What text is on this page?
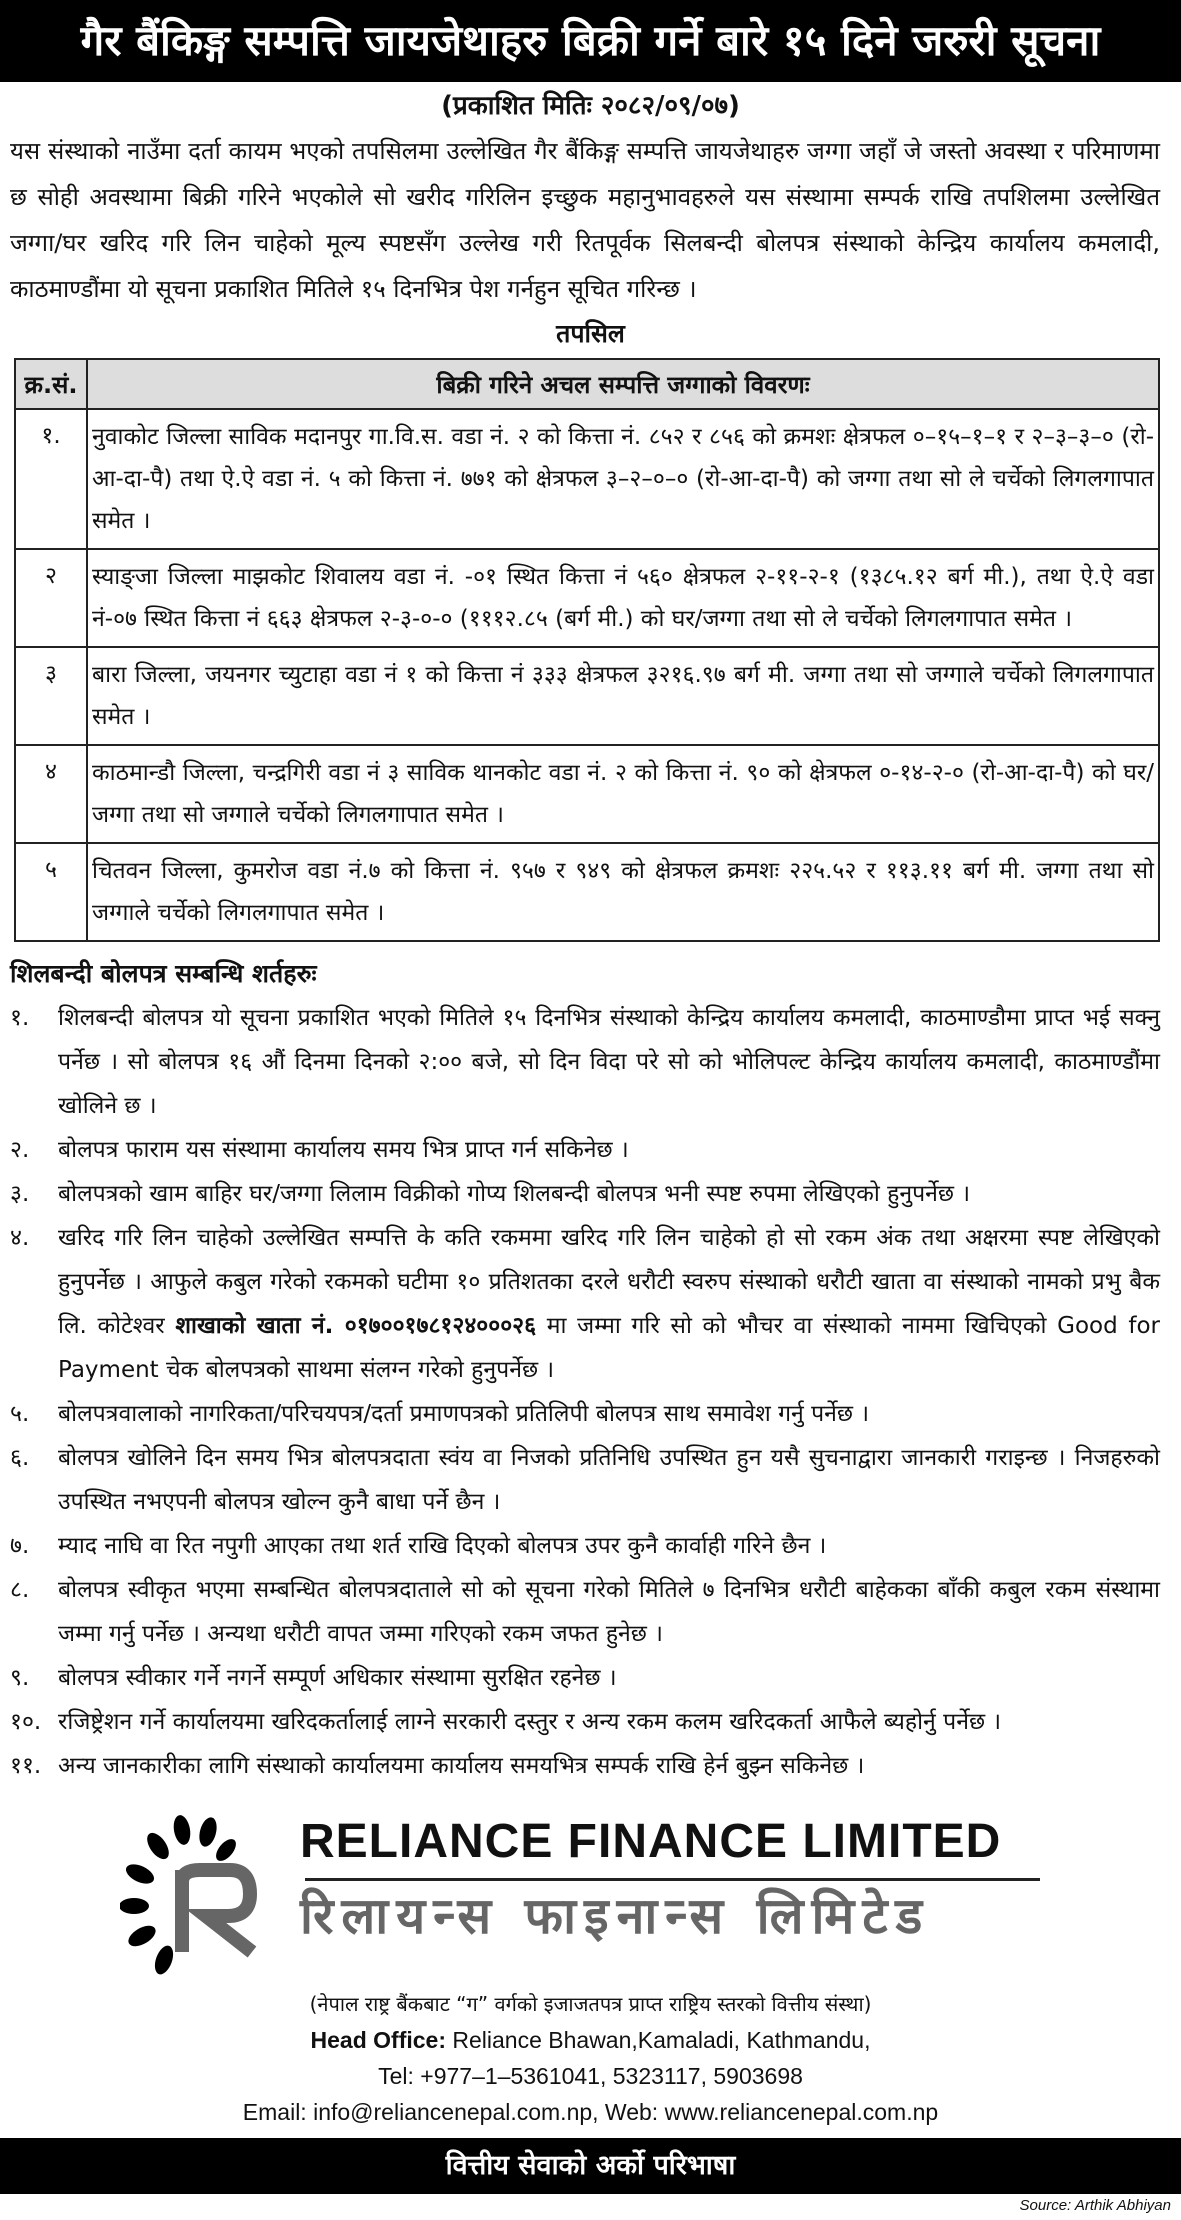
गैर बैंकिङ्ग सम्पत्ति जायजेथाहरु बिक्री गर्ने बारे १५ दिने जरुरी सूचना
(प्रकाशित मितिः २०८२/०९/०७)
यस संस्थाको नाउँमा दर्ता कायम भएको तपसिलमा उल्लेखित गैर बैंकिङ्ग सम्पत्ति जायजेथाहरु जग्गा जहाँ जे जस्तो अवस्था र परिमाणमा छ सोही अवस्थामा बिक्री गरिने भएकोले सो खरीद गरिलिन इच्छुक महानुभावहरुले यस संस्थामा सम्पर्क राखि तपशिलमा उल्लेखित जग्गा/घर खरिद गरि लिन चाहेको मूल्य स्पष्टसँग उल्लेख गरी रितपूर्वक सिलबन्दी बोलपत्र संस्थाको केन्द्रिय कार्यालय कमलादी, काठमाण्डौंमा यो सूचना प्रकाशित मितिले १५ दिनभित्र पेश गर्नहुन सूचित गरिन्छ ।
तपसिल
क्र.सं.	बिक्री गरिने अचल सम्पत्ति जग्गाको विवरणः
१.	नुवाकोट जिल्ला साविक मदानपुर गा.वि.स. वडा नं. २ को कित्ता नं. ८५२ र ८५६ को क्रमशः क्षेत्रफल ०–१५–१–१ र २–३–३–० (रो-आ-दा-पै) तथा ऐ.ऐ वडा नं. ५ को कित्ता नं. ७७१ को क्षेत्रफल ३–२–०–० (रो-आ-दा-पै) को जग्गा तथा सो ले चर्चेको लिगलगापात समेत ।
२	स्याङ्जा जिल्ला माझकोट शिवालय वडा नं. -०१ स्थित कित्ता नं ५६० क्षेत्रफल २-११-२-१ (१३८५.१२ बर्ग मी.), तथा ऐ.ऐ वडा नं-०७ स्थित कित्ता नं ६६३ क्षेत्रफल २-३-०-० (१११२.८५ (बर्ग मी.) को घर/जग्गा तथा सो ले चर्चेको लिगलगापात समेत ।
३	बारा जिल्ला, जयनगर च्युटाहा वडा नं १ को कित्ता नं ३३३ क्षेत्रफल ३२१६.९७ बर्ग मी. जग्गा तथा सो जग्गाले चर्चेको लिगलगापात समेत ।
४	काठमान्डौ जिल्ला, चन्द्रगिरी वडा नं ३ साविक थानकोट वडा नं. २ को कित्ता नं. ९० को क्षेत्रफल ०-१४-२-० (रो-आ-दा-पै) को घर/जग्गा तथा सो जग्गाले चर्चेको लिगलगापात समेत ।
५	चितवन जिल्ला, कुमरोज वडा नं.७ को कित्ता नं. ९५७ र ९४९ को क्षेत्रफल क्रमशः २२५.५२ र ११३.११ बर्ग मी. जग्गा तथा सो जग्गाले चर्चेको लिगलगापात समेत ।
शिलबन्दी बोलपत्र सम्बन्धि शर्तहरुः
१.	शिलबन्दी बोलपत्र यो सूचना प्रकाशित भएको मितिले १५ दिनभित्र संस्थाको केन्द्रिय कार्यालय कमलादी, काठमाण्डौमा प्राप्त भई सक्नु पर्नेछ । सो बोलपत्र १६ औं दिनमा दिनको २:०० बजे, सो दिन विदा परे सो को भोलिपल्ट केन्द्रिय कार्यालय कमलादी, काठमाण्डौंमा खोलिने छ ।
२.	बोलपत्र फाराम यस संस्थामा कार्यालय समय भित्र प्राप्त गर्न सकिनेछ ।
३.	बोलपत्रको खाम बाहिर घर/जग्गा लिलाम विक्रीको गोप्य शिलबन्दी बोलपत्र भनी स्पष्ट रुपमा लेखिएको हुनुपर्नेछ ।
४.	खरिद गरि लिन चाहेको उल्लेखित सम्पत्ति के कति रकममा खरिद गरि लिन चाहेको हो सो रकम अंक तथा अक्षरमा स्पष्ट लेखिएको हुनुपर्नेछ । आफुले कबुल गरेको रकमको घटीमा १० प्रतिशतका दरले धरौटी स्वरुप संस्थाको धरौटी खाता वा संस्थाको नामको प्रभु बैक लि. कोटेश्वर शाखाको खाता नं. ०१७००१७८१२४०००२६ मा जम्मा गरि सो को भौचर वा संस्थाको नाममा खिचिएको Good for Payment चेक बोलपत्रको साथमा संलग्न गरेको हुनुपर्नेछ ।
५.	बोलपत्रवालाको नागरिकता/परिचयपत्र/दर्ता प्रमाणपत्रको प्रतिलिपी बोलपत्र साथ समावेश गर्नु पर्नेछ ।
६.	बोलपत्र खोलिने दिन समय भित्र बोलपत्रदाता स्वंय वा निजको प्रतिनिधि उपस्थित हुन यसै सुचनाद्वारा जानकारी गराइन्छ । निजहरुको उपस्थित नभएपनी बोलपत्र खोल्न कुनै बाधा पर्ने छैन ।
७.	म्याद नाघि वा रित नपुगी आएका तथा शर्त राखि दिएको बोलपत्र उपर कुनै कार्वाही गरिने छैन ।
८.	बोलपत्र स्वीकृत भएमा सम्बन्धित बोलपत्रदाताले सो को सूचना गरेको मितिले ७ दिनभित्र धरौटी बाहेकका बाँकी कबुल रकम संस्थामा जम्मा गर्नु पर्नेछ । अन्यथा धरौटी वापत जम्मा गरिएको रकम जफत हुनेछ ।
९.	बोलपत्र स्वीकार गर्ने नगर्ने सम्पूर्ण अधिकार संस्थामा सुरक्षित रहनेछ ।
१०. रजिष्ट्रेशन गर्ने कार्यालयमा खरिदकर्तालाई लाग्ने सरकारी दस्तुर र अन्य रकम कलम खरिदकर्ता आफैले ब्यहोर्नु पर्नेछ ।
११. अन्य जानकारीका लागि संस्थाको कार्यालयमा कार्यालय समयभित्र सम्पर्क राखि हेर्न बुझ्न सकिनेछ ।
RELIANCE FINANCE LIMITED
रिलायन्स फाइनान्स लिमिटेड
(नेपाल राष्ट्र बैंकबाट “ग” वर्गको इजाजतपत्र प्राप्त राष्ट्रिय स्तरको वित्तीय संस्था)
Head Office: Reliance Bhawan,Kamaladi, Kathmandu,
Tel: +977–1–5361041, 5323117, 5903698
Email: info@reliancenepal.com.np, Web: www.reliancenepal.com.np
वित्तीय सेवाको अर्को परिभाषा
Source: Arthik Abhiyan
